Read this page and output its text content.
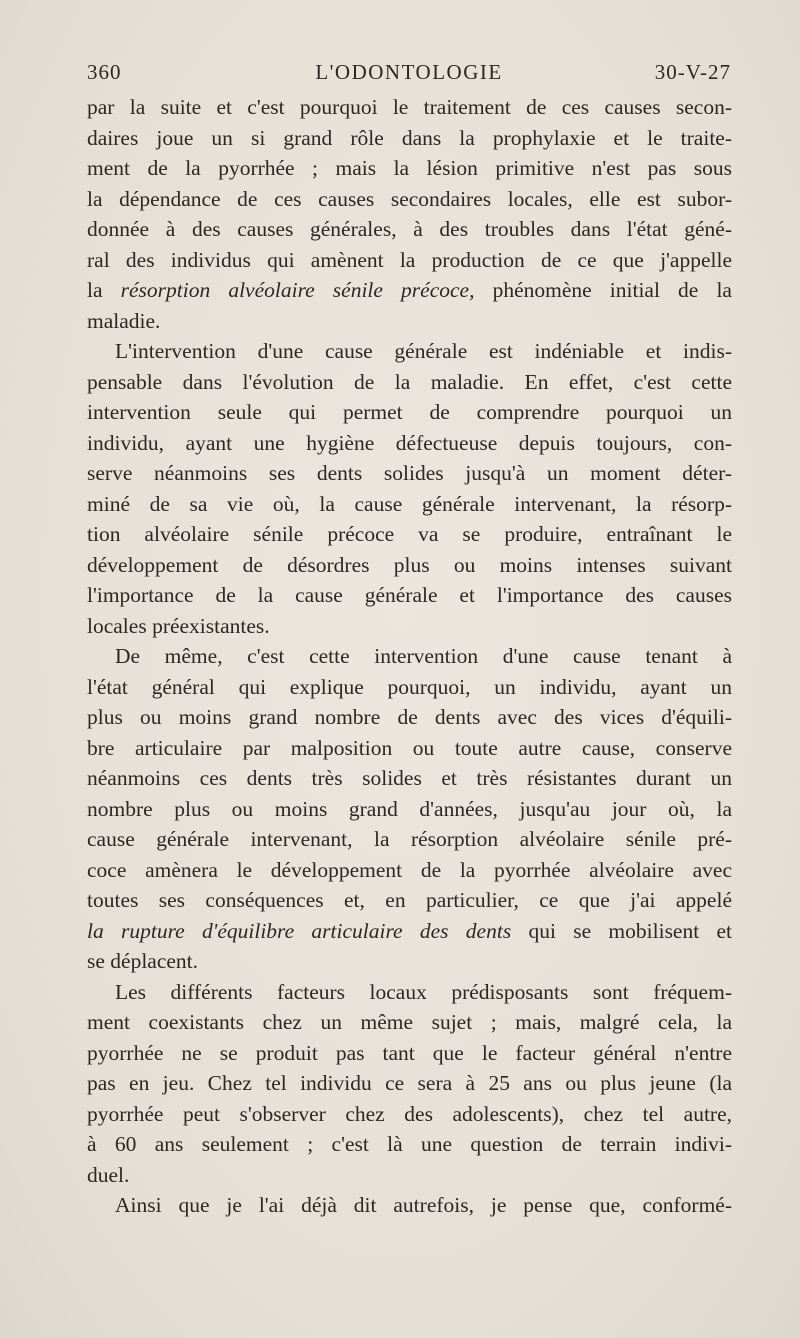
360	L'ODONTOLOGIE	30-V-27
par la suite et c'est pourquoi le traitement de ces causes secon-
daires joue un si grand rôle dans la prophylaxie et le traite-
ment de la pyorrhée ; mais la lésion primitive n'est pas sous
la dépendance de ces causes secondaires locales, elle est subor-
donnée à des causes générales, à des troubles dans l'état géné-
ral des individus qui amènent la production de ce que j'appelle
la résorption alvéolaire sénile précoce, phénomène initial de la
maladie.
L'intervention d'une cause générale est indéniable et indis-
pensable dans l'évolution de la maladie. En effet, c'est cette
intervention seule qui permet de comprendre pourquoi un
individu, ayant une hygiène défectueuse depuis toujours, con-
serve néanmoins ses dents solides jusqu'à un moment déter-
miné de sa vie où, la cause générale intervenant, la résorp-
tion alvéolaire sénile précoce va se produire, entraînant le
développement de désordres plus ou moins intenses suivant
l'importance de la cause générale et l'importance des causes
locales préexistantes.
De même, c'est cette intervention d'une cause tenant à
l'état général qui explique pourquoi, un individu, ayant un
plus ou moins grand nombre de dents avec des vices d'équili-
bre articulaire par malposition ou toute autre cause, conserve
néanmoins ces dents très solides et très résistantes durant un
nombre plus ou moins grand d'années, jusqu'au jour où, la
cause générale intervenant, la résorption alvéolaire sénile pré-
coce amènera le développement de la pyorrhée alvéolaire avec
toutes ses conséquences et, en particulier, ce que j'ai appelé
la rupture d'équilibre articulaire des dents qui se mobilisent et
se déplacent.
Les différents facteurs locaux prédisposants sont fréquem-
ment coexistants chez un même sujet ; mais, malgré cela, la
pyorrhée ne se produit pas tant que le facteur général n'entre
pas en jeu. Chez tel individu ce sera à 25 ans ou plus jeune (la
pyorrhée peut s'observer chez des adolescents), chez tel autre,
à 60 ans seulement ; c'est là une question de terrain indivi-
duel.
Ainsi que je l'ai déjà dit autrefois, je pense que, conformé-
